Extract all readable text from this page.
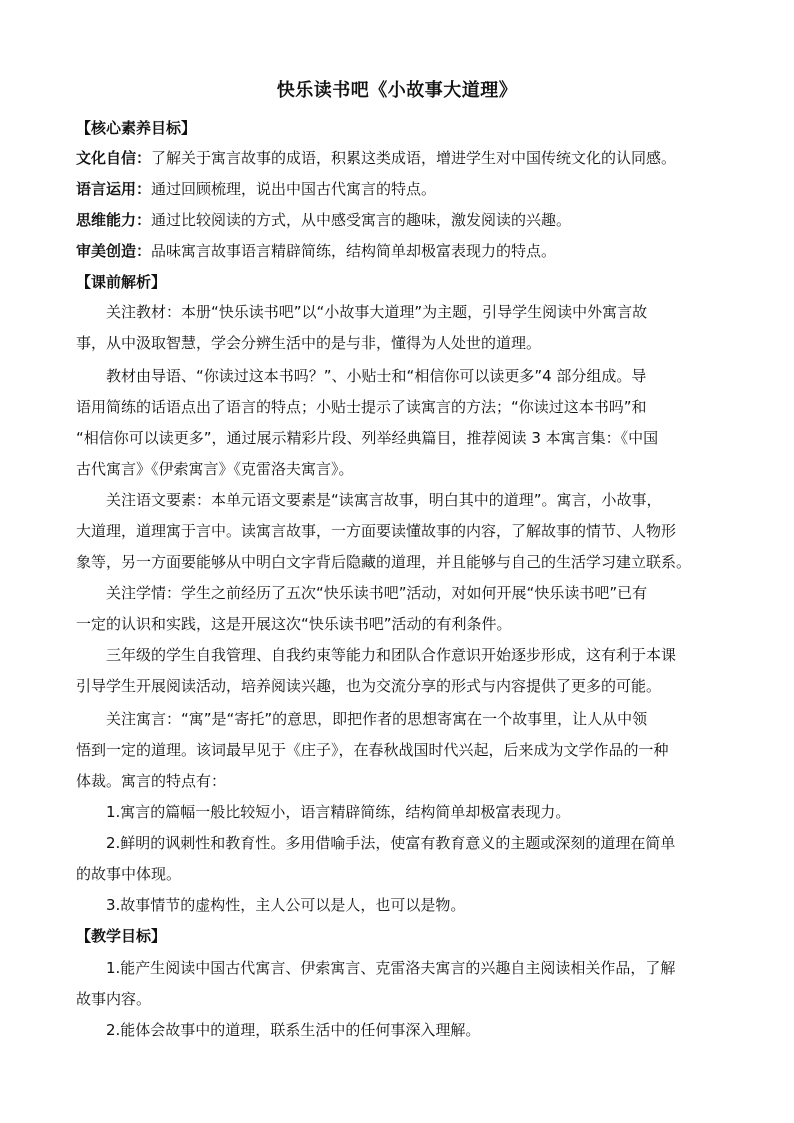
快乐读书吧《小故事大道理》
【核心素养目标】
文化自信：了解关于寓言故事的成语，积累这类成语，增进学生对中国传统文化的认同感。
语言运用：通过回顾梳理，说出中国古代寓言的特点。
思维能力：通过比较阅读的方式，从中感受寓言的趣味，激发阅读的兴趣。
审美创造：品味寓言故事语言精辟简练，结构简单却极富表现力的特点。
【课前解析】
关注教材：本册“快乐读书吧”以“小故事大道理”为主题，引导学生阅读中外寓言故
事，从中汲取智慧，学会分辨生活中的是与非，懂得为人处世的道理。
教材由导语、“你读过这本书吗？”、小贴士和“相信你可以读更多”4 部分组成。导
语用简练的话语点出了语言的特点；小贴士提示了读寓言的方法；“你读过这本书吗”和
“相信你可以读更多”，通过展示精彩片段、列举经典篇目，推荐阅读 3 本寓言集：《中国
古代寓言》《伊索寓言》《克雷洛夫寓言》。
关注语文要素：本单元语文要素是“读寓言故事，明白其中的道理”。寓言，小故事，
大道理，道理寓于言中。读寓言故事，一方面要读懂故事的内容，了解故事的情节、人物形
象等，另一方面要能够从中明白文字背后隐藏的道理，并且能够与自己的生活学习建立联系。
关注学情：学生之前经历了五次“快乐读书吧”活动，对如何开展“快乐读书吧”已有
一定的认识和实践，这是开展这次“快乐读书吧”活动的有利条件。
三年级的学生自我管理、自我约束等能力和团队合作意识开始逐步形成，这有利于本课
引导学生开展阅读活动，培养阅读兴趣，也为交流分享的形式与内容提供了更多的可能。
关注寓言：“寓”是“寄托”的意思，即把作者的思想寄寓在一个故事里，让人从中领
悟到一定的道理。该词最早见于《庄子》，在春秋战国时代兴起，后来成为文学作品的一种
体裁。寓言的特点有：
1.寓言的篇幅一般比较短小，语言精辟简练，结构简单却极富表现力。
2.鲜明的讽刺性和教育性。多用借喻手法，使富有教育意义的主题或深刻的道理在简单
的故事中体现。
3.故事情节的虚构性，主人公可以是人，也可以是物。
【教学目标】
1.能产生阅读中国古代寓言、伊索寓言、克雷洛夫寓言的兴趣自主阅读相关作品，了解
故事内容。
2.能体会故事中的道理，联系生活中的任何事深入理解。
